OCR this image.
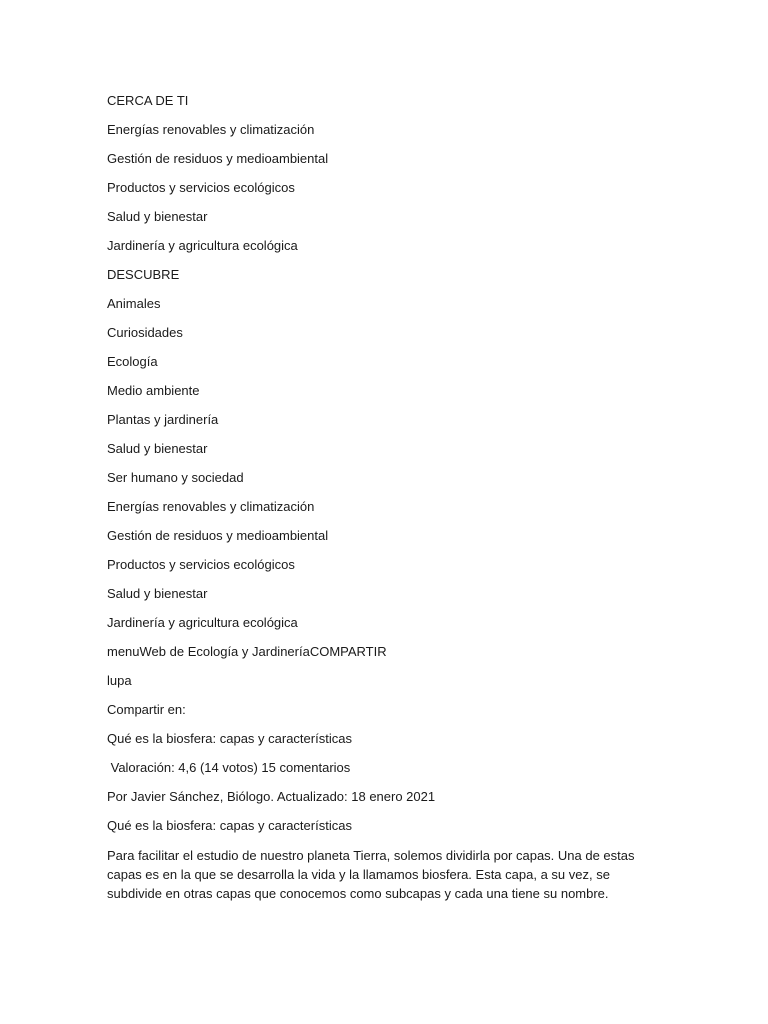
CERCA DE TI
Energías renovables y climatización
Gestión de residuos y medioambiental
Productos y servicios ecológicos
Salud y bienestar
Jardinería y agricultura ecológica
DESCUBRE
Animales
Curiosidades
Ecología
Medio ambiente
Plantas y jardinería
Salud y bienestar
Ser humano y sociedad
Energías renovables y climatización
Gestión de residuos y medioambiental
Productos y servicios ecológicos
Salud y bienestar
Jardinería y agricultura ecológica
menuWeb de Ecología y JardineríaCOMPARTIR
lupa
Compartir en:
Qué es la biosfera: capas y características
Valoración: 4,6 (14 votos) 15 comentarios
Por Javier Sánchez, Biólogo. Actualizado: 18 enero 2021
Qué es la biosfera: capas y características

Para facilitar el estudio de nuestro planeta Tierra, solemos dividirla por capas. Una de estas capas es en la que se desarrolla la vida y la llamamos biosfera. Esta capa, a su vez, se subdivide en otras capas que conocemos como subcapas y cada una tiene su nombre.
